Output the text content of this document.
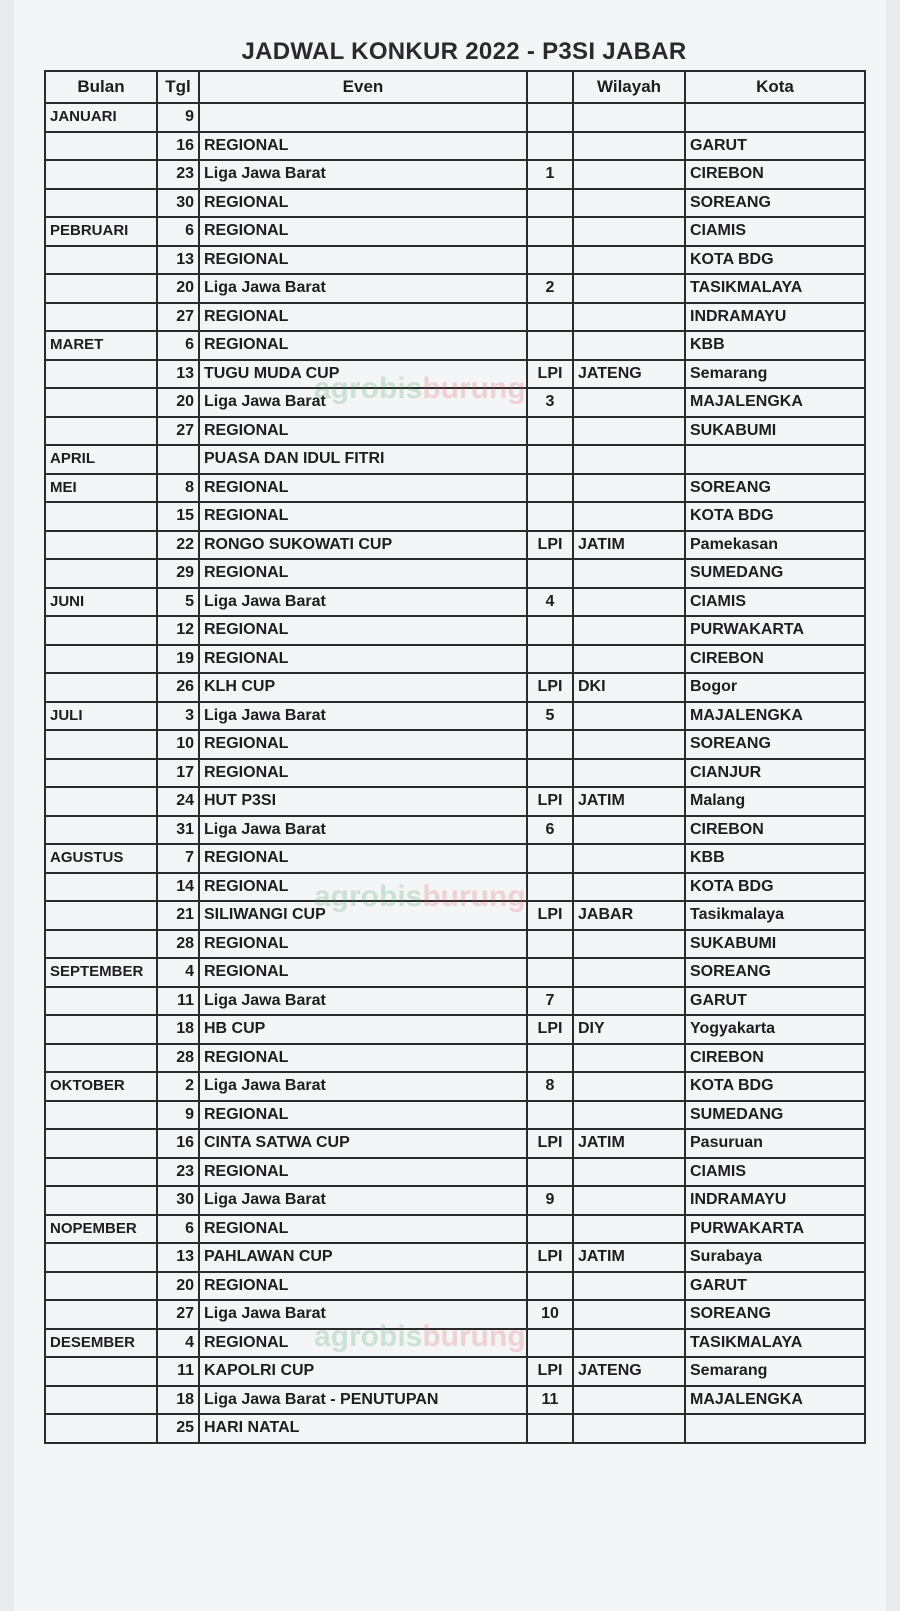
JADWAL KONKUR 2022 - P3SI JABAR
Bulan	Tgl	Even		Wilayah	Kota
JANUARI	9				
	16	REGIONAL			GARUT
	23	Liga Jawa Barat	1		CIREBON
	30	REGIONAL			SOREANG
PEBRUARI	6	REGIONAL			CIAMIS
	13	REGIONAL			KOTA BDG
	20	Liga Jawa Barat	2		TASIKMALAYA
	27	REGIONAL			INDRAMAYU
MARET	6	REGIONAL			KBB
	13	TUGU MUDA CUP	LPI	JATENG	Semarang
	20	Liga Jawa Barat	3		MAJALENGKA
	27	REGIONAL			SUKABUMI
APRIL		PUASA DAN IDUL FITRI			
MEI	8	REGIONAL			SOREANG
	15	REGIONAL			KOTA BDG
	22	RONGO SUKOWATI CUP	LPI	JATIM	Pamekasan
	29	REGIONAL			SUMEDANG
JUNI	5	Liga Jawa Barat	4		CIAMIS
	12	REGIONAL			PURWAKARTA
	19	REGIONAL			CIREBON
	26	KLH CUP	LPI	DKI	Bogor
JULI	3	Liga Jawa Barat	5		MAJALENGKA
	10	REGIONAL			SOREANG
	17	REGIONAL			CIANJUR
	24	HUT P3SI	LPI	JATIM	Malang
	31	Liga Jawa Barat	6		CIREBON
AGUSTUS	7	REGIONAL			KBB
	14	REGIONAL			KOTA BDG
	21	SILIWANGI CUP	LPI	JABAR	Tasikmalaya
	28	REGIONAL			SUKABUMI
SEPTEMBER	4	REGIONAL			SOREANG
	11	Liga Jawa Barat	7		GARUT
	18	HB CUP	LPI	DIY	Yogyakarta
	28	REGIONAL			CIREBON
OKTOBER	2	Liga Jawa Barat	8		KOTA BDG
	9	REGIONAL			SUMEDANG
	16	CINTA SATWA CUP	LPI	JATIM	Pasuruan
	23	REGIONAL			CIAMIS
	30	Liga Jawa Barat	9		INDRAMAYU
NOPEMBER	6	REGIONAL			PURWAKARTA
	13	PAHLAWAN CUP	LPI	JATIM	Surabaya
	20	REGIONAL			GARUT
	27	Liga Jawa Barat	10		SOREANG
DESEMBER	4	REGIONAL			TASIKMALAYA
	11	KAPOLRI CUP	LPI	JATENG	Semarang
	18	Liga Jawa Barat - PENUTUPAN	11		MAJALENGKA
	25	HARI NATAL			
agrobisburung
agrobisburung
agrobisburung
